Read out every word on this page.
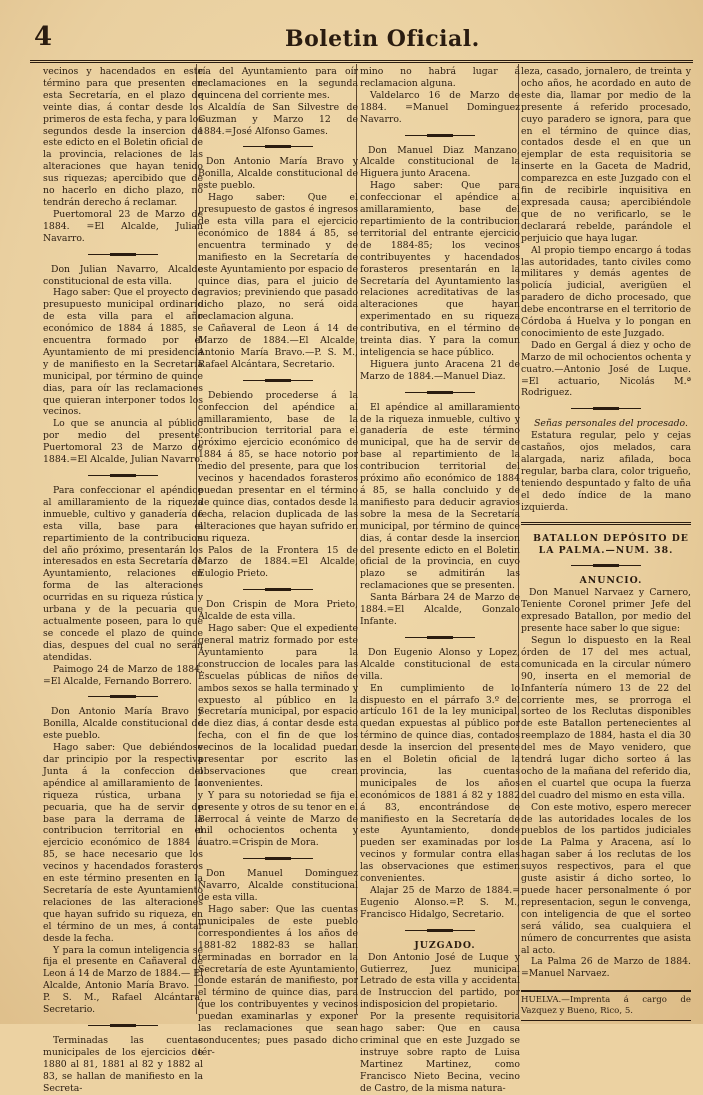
4	Boletin Oficial.

vecinos y hacendados en este término para que presenten en esta Secretaría, en el plazo de veinte dias, á contar desde los primeros de esta fecha, y para los segundos desde la insercion de este edicto en el Boletin oficial de la provincia, relaciones de las alteraciones que hayan tenido sus riquezas; apercibido que de no hacerlo en dicho plazo, no tendrán derecho á reclamar.

Puertomoral 23 de Marzo de 1884. =El Alcalde, Julian Navarro.

Don Julian Navarro, Alcalde constitucional de esta villa.

Hago saber: Que el proyecto de presupuesto municipal ordinario de esta villa para el año económico de 1884 á 1885, se encuentra formado por el Ayuntamiento de mi presidencia y de manifiesto en la Secretaría municipal, por término de quince dias, para oír las reclamaciones que quieran interponer todos los vecinos.

Lo que se anuncia al público por medio del presente. Puertomoral 23 de Marzo de 1884.=El Alcalde, Julian Navarro.

Para confeccionar el apéndice al amillaramiento de la riqueza inmueble, cultivo y ganadería de esta villa, base para el repartimiento de la contribucion del año próximo, presentarán los interesados en esta Secretaría de Ayuntamiento, relaciones en forma de las alteraciones ocurridas en su riqueza rústica y urbana y de la pecuaria que actualmente poseen, para lo que se concede el plazo de quince dias, despues del cual no serán atendidas.

Paimogo 24 de Marzo de 1884. =El Alcalde, Fernando Borrero.

Don Antonio María Bravo y Bonilla, Alcalde constitucional de este pueblo.

Hago saber: Que debiéndose dar principio por la respectiva Junta á la confeccion del apéndice al amillaramiento de la riqueza rústica, urbana y pecuaria, que ha de servir de base para la derrama de la contribucion territorial en el ejercicio económico de 1884 á 85, se hace necesario que los vecinos y hacendados forasteros en este término presenten en la Secretaría de este Ayuntamiento relaciones de las alteraciones que hayan sufrido su riqueza, en el término de un mes, á contar desde la fecha.

Y para la comun inteligencia se fija el presente en Cañaveral de Leon á 14 de Marzo de 1884.— El Alcalde, Antonio María Bravo. —P. S. M., Rafael Alcántara, Secretario.

Terminadas las cuentas municipales de los ejercicios de 1880 al 81, 1881 al 82 y 1882 al 83, se hallan de manifiesto en la Secreta-

ría del Ayuntamiento para oír reclamaciones en la segunda quincena del corriente mes.

Alcaldía de San Silvestre de Guzman y Marzo 12 de 1884.=José Alfonso Games.

Don Antonio María Bravo y Bonilla, Alcalde constitucional de este pueblo.

Hago saber: Que el presupuesto de gastos é ingresos de esta villa para el ejercicio económico de 1884 á 85, se encuentra terminado y de manifiesto en la Secretaría de este Ayuntamiento por espacio de quince dias, para el juicio de agravios; previniendo que pasado dicho plazo, no será oida reclamacion alguna.

Cañaveral de Leon á 14 de Marzo de 1884.—El Alcalde, Antonio María Bravo.—P. S. M., Rafael Alcántara, Secretario.

Debiendo procederse á la confeccion del apéndice al amillaramiento, base de la contribucion territorial para el próximo ejercicio económico de 1884 á 85, se hace notorio por medio del presente, para que los vecinos y hacendados forasteros puedan presentar en el término de quince dias, contados desde la fecha, relacion duplicada de las alteraciones que hayan sufrido en su riqueza.

Palos de la Frontera 15 de Marzo de 1884.=El Alcalde, Eulogio Prieto.

Don Crispin de Mora Prieto, Alcalde de esta villa.

Hago saber: Que el expediente general matriz formado por este Ayuntamiento para la construccion de locales para las Escuelas públicas de niños de ambos sexos se halla terminado y expuesto al público en la Secretaría municipal, por espacio de diez dias, á contar desde esta fecha, con el fin de que los vecinos de la localidad puedan presentar por escrito las observaciones que crean convenientes.

Y para su notoriedad se fija el presente y otros de su tenor en el Berrocal á veinte de Marzo de mil ochocientos ochenta y cuatro.=Crispin de Mora.

Don Manuel Dominguez Navarro, Alcalde constitucional de esta villa.

Hago saber: Que las cuentas municipales de este pueblo correspondientes á los años de 1881-82 1882-83 se hallan terminadas en borrador en la Secretaría de este Ayuntamiento, donde estarán de manifiesto, por el término de quince dias, para que los contribuyentes y vecinos puedan examinarlas y exponer las reclamaciones que sean conducentes; pues pasado dicho tér-

mino no habrá lugar á reclamacion alguna.

Valdelarco 16 de Marzo de 1884. =Manuel Dominguez Navarro.

Don Manuel Diaz Manzano, Alcalde constitucional de la Higuera junto Aracena.

Hago saber: Que para confeccionar el apéndice al amillaramiento, base del repartimiento de la contribucion territorial del entrante ejercicio de 1884-85; los vecinos contribuyentes y hacendados forasteros presentarán en la Secretaría del Ayuntamiento las relaciones acreditativas de las alteraciones que hayan experimentado en su riqueza contributiva, en el término de treinta dias. Y para la comun inteligencia se hace público.

Higuera junto Aracena 21 de Marzo de 1884.—Manuel Diaz.

El apéndice al amillaramiento de la riqueza inmueble, cultivo y ganadería de este término municipal, que ha de servir de base al repartimiento de la contribucion territorial del próximo año económico de 1884 á 85, se halla concluido y de manifiesto para deducir agravios sobre la mesa de la Secretaría municipal, por término de quince dias, á contar desde la insercion del presente edicto en el Boletin oficial de la provincia, en cuyo plazo se admitirán las reclamaciones que se presenten.

Santa Bárbara 24 de Marzo de 1884.=El Alcalde, Gonzalo Infante.

Don Eugenio Alonso y Lopez, Alcalde constitucional de esta villa.

En cumplimiento de lo dispuesto en el párrafo 3.º del artículo 161 de la ley municipal, quedan expuestas al público por término de quince dias, contados desde la insercion del presente en el Boletin oficial de la provincia, las cuentas municipales de los años económicos de 1881 á 82 y 1882 á 83, encontrándose de manifiesto en la Secretaría de este Ayuntamiento, donde pueden ser examinadas por los vecinos y formular contra ellas las observaciones que estimen convenientes.

Alajar 25 de Marzo de 1884.= Eugenio Alonso.=P. S. M., Francisco Hidalgo, Secretario.

JUZGADO.

Don Antonio José de Luque y Gutierrez, Juez municipal Letrado de esta villa y accidental de Instruccion del partido, por indisposicion del propietario.

Por la presente requisitoria hago saber: Que en causa criminal que en este Juzgado se instruye sobre rapto de Luisa Martinez Martinez, como Francisco Nieto Becina, vecino de Castro, de la misma natura-

leza, casado, jornalero, de treinta y ocho años, he acordado en auto de este dia, llamar por medio de la presente á referido procesado, cuyo paradero se ignora, para que en el término de quince dias, contados desde el en que un ejemplar de esta requisitoria se inserte en la Gaceta de Madrid, comparezca en este Juzgado con el fin de recibirle inquisitiva en expresada causa; apercibiéndole que de no verificarlo, se le declarará rebelde, parándole el perjuicio que haya lugar.

Al propio tiempo encargo á todas las autoridades, tanto civiles como militares y demás agentes de policía judicial, averigüen el paradero de dicho procesado, que debe encontrarse en el territorio de Córdoba á Huelva y lo pongan en conocimiento de este Juzgado.

Dado en Gergal á diez y ocho de Marzo de mil ochocientos ochenta y cuatro.—Antonio José de Luque. =El actuario, Nicolás M.ª Rodriguez.

Señas personales del procesado.

Estatura regular, pelo y cejas castaños, ojos melados, cara alargada, nariz afilada, boca regular, barba clara, color trigueño, teniendo despuntado y falto de uña el dedo índice de la mano izquierda.

BATALLON DEPÓSITO DE LA PALMA.—NUM. 38.

ANUNCIO.

Don Manuel Narvaez y Carnero, Teniente Coronel primer Jefe del expresado Batallon, por medio del presente hace saber lo que sigue:

Segun lo dispuesto en la Real órden de 17 del mes actual, comunicada en la circular número 90, inserta en el memorial de Infantería número 13 de 22 del corriente mes, se prorroga el sorteo de los Reclutas disponibles de este Batallon pertenecientes al reemplazo de 1884, hasta el dia 30 del mes de Mayo venidero, que tendrá lugar dicho sorteo á las ocho de la mañana del referido dia, en el cuartel que ocupa la fuerza del cuadro del mismo en esta villa.

Con este motivo, espero merecer de las autoridades locales de los pueblos de los partidos judiciales de La Palma y Aracena, así lo hagan saber á los reclutas de los suyos respectivos, para el que guste asistir á dicho sorteo, lo puede hacer personalmente ó por representacion, segun le convenga, con inteligencia de que el sorteo será válido, sea cualquiera el número de concurrentes que asista al acto.

La Palma 26 de Marzo de 1884. =Manuel Narvaez.

HUELVA.—Imprenta á cargo de Vazquez y Bueno, Rico, 5.
